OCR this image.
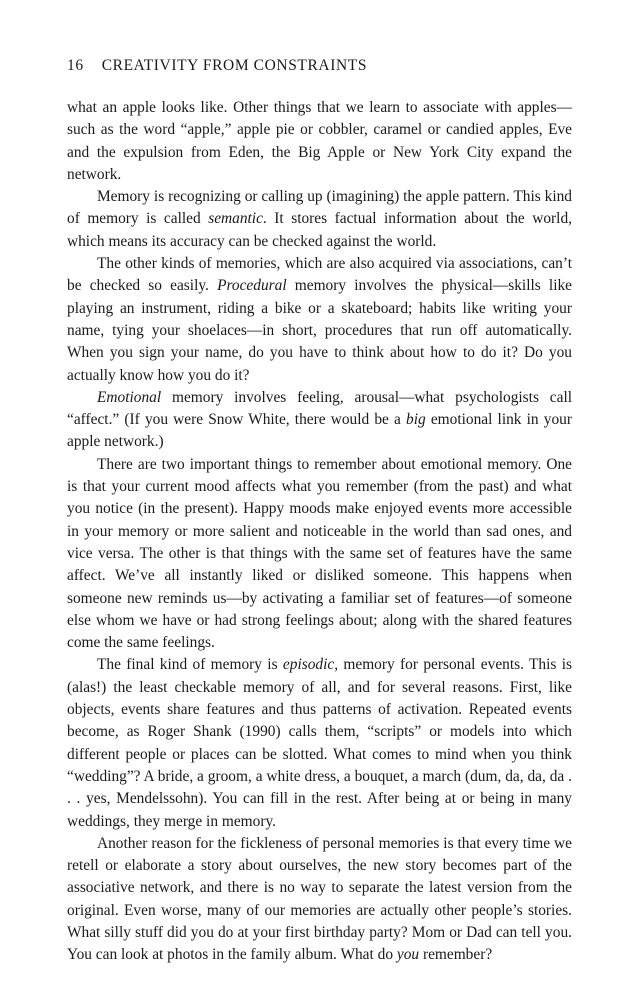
16 CREATIVITY FROM CONSTRAINTS

what an apple looks like. Other things that we learn to associate with apples—such as the word “apple,” apple pie or cobbler, caramel or candied apples, Eve and the expulsion from Eden, the Big Apple or New York City expand the network.

Memory is recognizing or calling up (imagining) the apple pattern. This kind of memory is called semantic. It stores factual information about the world, which means its accuracy can be checked against the world.

The other kinds of memories, which are also acquired via associations, can’t be checked so easily. Procedural memory involves the physical—skills like playing an instrument, riding a bike or a skateboard; habits like writing your name, tying your shoelaces—in short, procedures that run off automatically. When you sign your name, do you have to think about how to do it? Do you actually know how you do it?

Emotional memory involves feeling, arousal—what psychologists call “affect.” (If you were Snow White, there would be a big emotional link in your apple network.)

There are two important things to remember about emotional memory. One is that your current mood affects what you remember (from the past) and what you notice (in the present). Happy moods make enjoyed events more accessible in your memory or more salient and noticeable in the world than sad ones, and vice versa. The other is that things with the same set of features have the same affect. We’ve all instantly liked or disliked someone. This happens when someone new reminds us—by activating a familiar set of features—of someone else whom we have or had strong feelings about; along with the shared features come the same feelings.

The final kind of memory is episodic, memory for personal events. This is (alas!) the least checkable memory of all, and for several reasons. First, like objects, events share features and thus patterns of activation. Repeated events become, as Roger Shank (1990) calls them, “scripts” or models into which different people or places can be slotted. What comes to mind when you think “wedding”? A bride, a groom, a white dress, a bouquet, a march (dum, da, da, da . . . yes, Mendelssohn). You can fill in the rest. After being at or being in many weddings, they merge in memory.

Another reason for the fickleness of personal memories is that every time we retell or elaborate a story about ourselves, the new story becomes part of the associative network, and there is no way to separate the latest version from the original. Even worse, many of our memories are actually other people’s stories. What silly stuff did you do at your first birthday party? Mom or Dad can tell you. You can look at photos in the family album. What do you remember?
